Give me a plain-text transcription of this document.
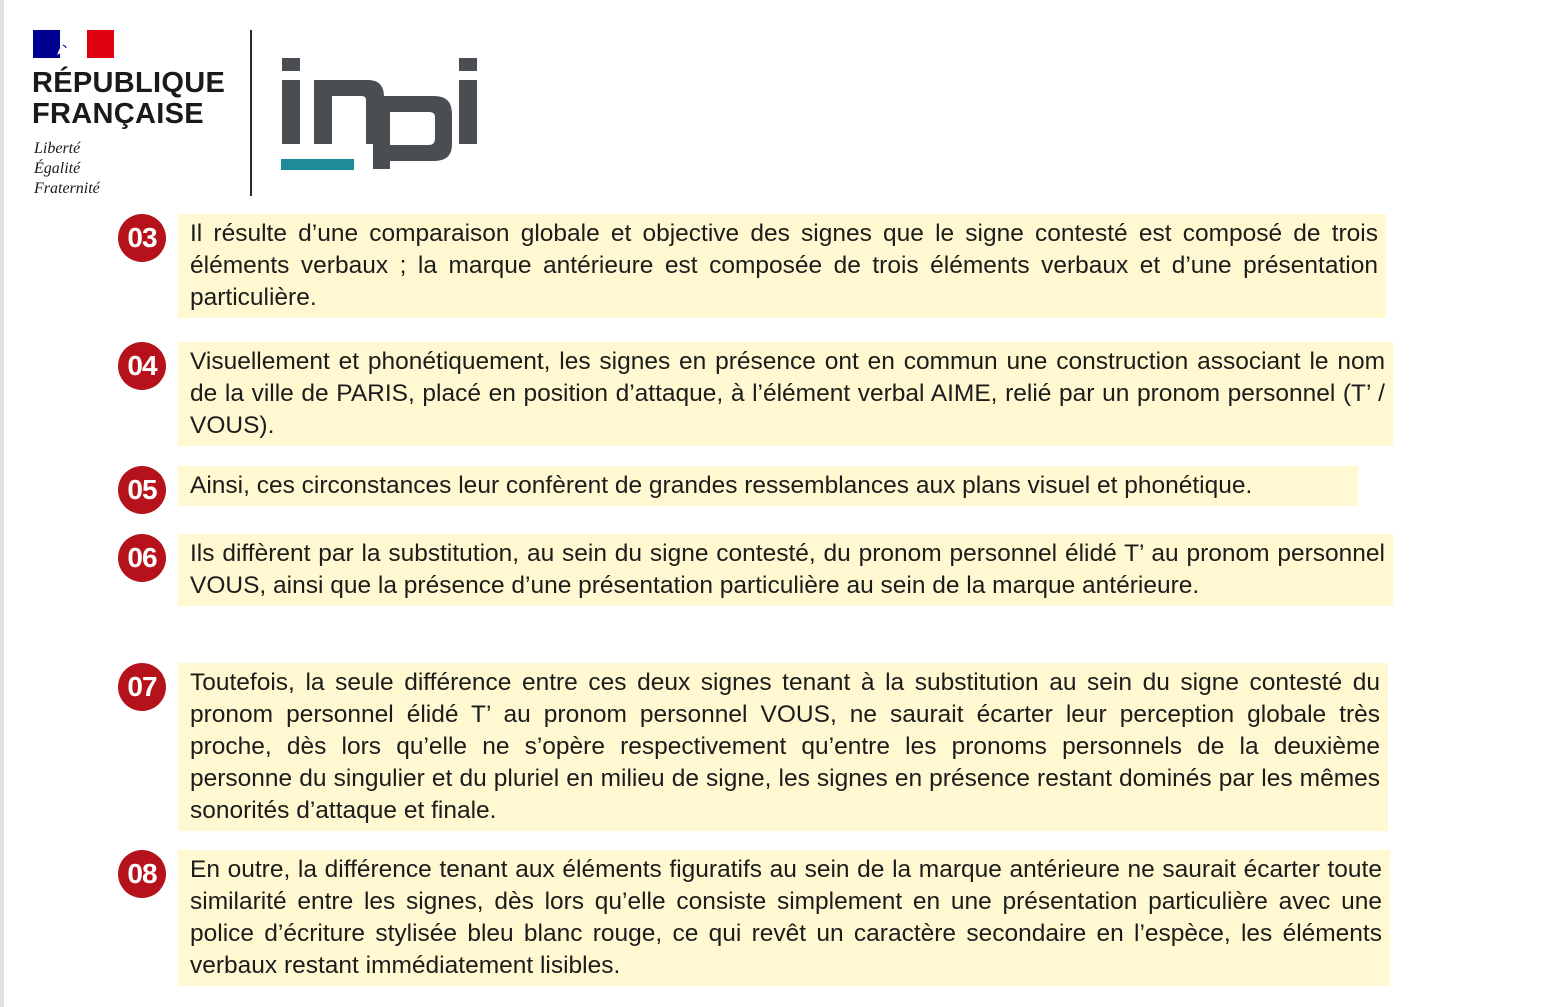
RÉPUBLIQUE
FRANÇAISE
Liberté
Égalité
Fraternité
inpi
03	Il résulte d’une comparaison globale et objective des signes que le signe contesté est composé de trois éléments verbaux ; la marque antérieure est composée de trois éléments verbaux et d’une présentation particulière.
04	Visuellement et phonétiquement, les signes en présence ont en commun une construction associant le nom de la ville de PARIS, placé en position d’attaque, à l’élément verbal AIME, relié par un pronom personnel (T’ / VOUS).
05	Ainsi, ces circonstances leur confèrent de grandes ressemblances aux plans visuel et phonétique.
06	Ils diffèrent par la substitution, au sein du signe contesté, du pronom personnel élidé T’ au pronom personnel VOUS, ainsi que la présence d’une présentation particulière au sein de la marque antérieure.
07	Toutefois, la seule différence entre ces deux signes tenant à la substitution au sein du signe contesté du pronom personnel élidé T’ au pronom personnel VOUS, ne saurait écarter leur perception globale très proche, dès lors qu’elle ne s’opère respectivement qu’entre les pronoms personnels de la deuxième personne du singulier et du pluriel en milieu de signe, les signes en présence restant dominés par les mêmes sonorités d’attaque et finale.
08	En outre, la différence tenant aux éléments figuratifs au sein de la marque antérieure ne saurait écarter toute similarité entre les signes, dès lors qu’elle consiste simplement en une présentation particulière avec une police d’écriture stylisée bleu blanc rouge, ce qui revêt un caractère secondaire en l’espèce, les éléments verbaux restant immédiatement lisibles.
